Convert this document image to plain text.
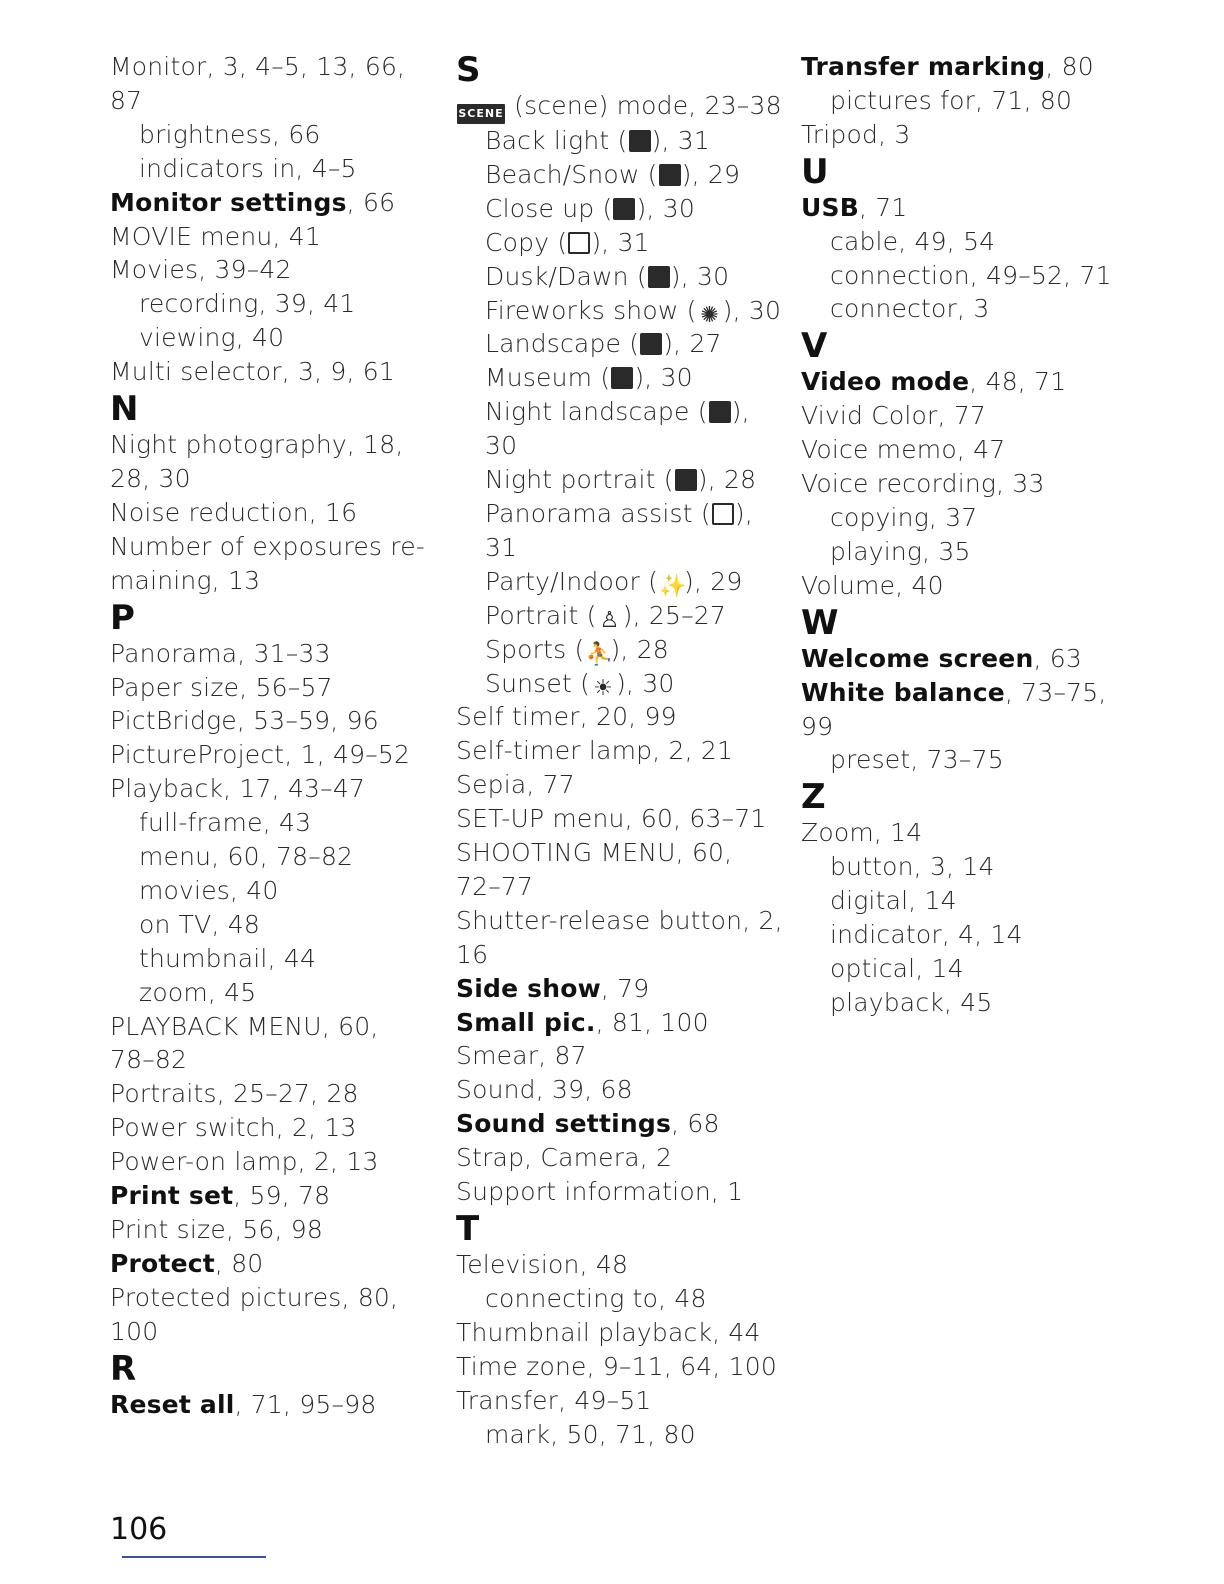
Monitor, 3, 4–5, 13, 66,
87
brightness, 66
indicators in, 4–5
Monitor settings, 66
MOVIE menu, 41
Movies, 39–42
recording, 39, 41
viewing, 40
Multi selector, 3, 9, 61
N
Night photography, 18,
28, 30
Noise reduction, 16
Number of exposures re-
maining, 13
P
Panorama, 31–33
Paper size, 56–57
PictBridge, 53–59, 96
PictureProject, 1, 49–52
Playback, 17, 43–47
full-frame, 43
menu, 60, 78–82
movies, 40
on TV, 48
thumbnail, 44
zoom, 45
PLAYBACK MENU, 60,
78–82
Portraits, 25–27, 28
Power switch, 2, 13
Power-on lamp, 2, 13
Print set, 59, 78
Print size, 56, 98
Protect, 80
Protected pictures, 80,
100
R
Reset all, 71, 95–98
S
SCENE (scene) mode, 23–38
Back light ( ), 31
Beach/Snow ( ), 29
Close up ( ), 30
Copy ( ), 31
Dusk/Dawn ( ), 30
Fireworks show ( ✺ ), 30
Landscape ( ), 27
Museum ( ), 30
Night landscape ( ),
30
Night portrait ( ), 28
Panorama assist ( ),
31
Party/Indoor (✨), 29
Portrait ( ♙ ), 25–27
Sports (⛹), 28
Sunset ( ☀ ), 30
Self timer, 20, 99
Self-timer lamp, 2, 21
Sepia, 77
SET-UP menu, 60, 63–71
SHOOTING MENU, 60,
72–77
Shutter-release button, 2,
16
Side show, 79
Small pic., 81, 100
Smear, 87
Sound, 39, 68
Sound settings, 68
Strap, Camera, 2
Support information, 1
T
Television, 48
connecting to, 48
Thumbnail playback, 44
Time zone, 9–11, 64, 100
Transfer, 49–51
mark, 50, 71, 80
Transfer marking, 80
pictures for, 71, 80
Tripod, 3
U
USB, 71
cable, 49, 54
connection, 49–52, 71
connector, 3
V
Video mode, 48, 71
Vivid Color, 77
Voice memo, 47
Voice recording, 33
copying, 37
playing, 35
Volume, 40
W
Welcome screen, 63
White balance, 73–75,
99
preset, 73–75
Z
Zoom, 14
button, 3, 14
digital, 14
indicator, 4, 14
optical, 14
playback, 45
106
